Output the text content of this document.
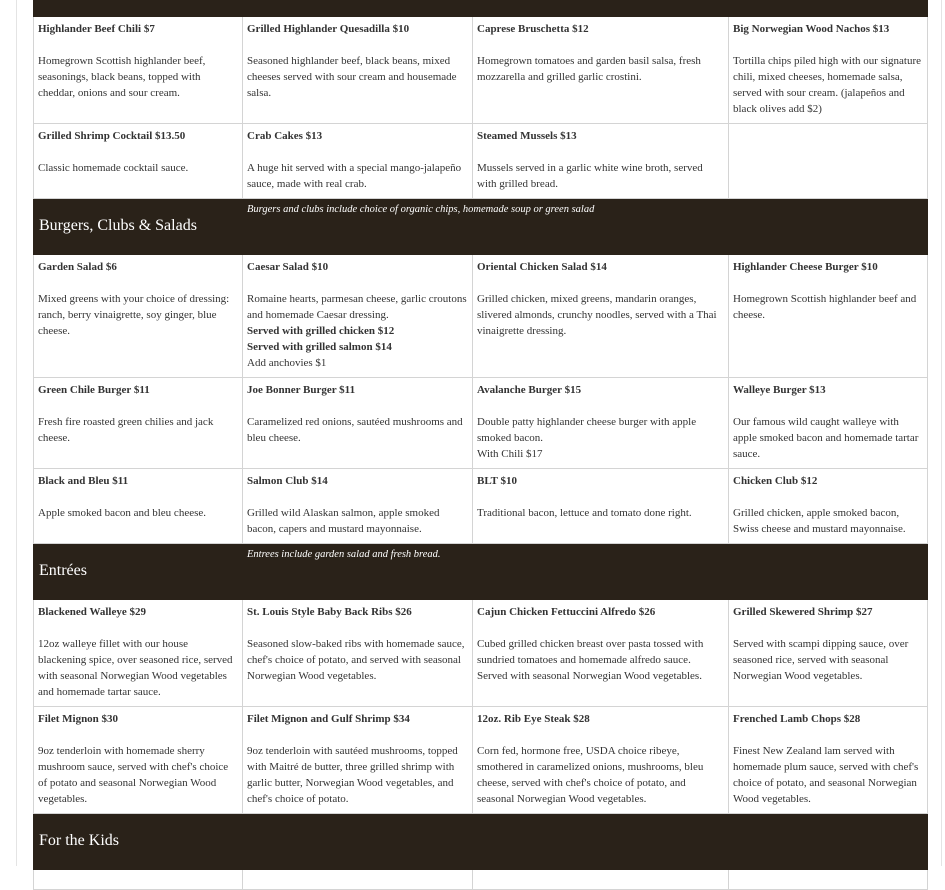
Highlander Beef Chili $7
Homegrown Scottish highlander beef, seasonings, black beans, topped with cheddar, onions and sour cream.	Grilled Highlander Quesadilla $10
Seasoned highlander beef, black beans, mixed cheeses served with sour cream and housemade salsa.	Caprese Bruschetta $12
Homegrown tomatoes and garden basil salsa, fresh mozzarella and grilled garlic crostini.	Big Norwegian Wood Nachos $13
Tortilla chips piled high with our signature chili, mixed cheeses, homemade salsa, served with sour cream. (jalapeños and black olives add $2)

Grilled Shrimp Cocktail $13.50
Classic homemade cocktail sauce.	Crab Cakes $13
A huge hit served with a special mango-jalapeño sauce, made with real crab.	Steamed Mussels $13
Mussels served in a garlic white wine broth, served with grilled bread.	

Burgers, Clubs & Salads	Burgers and clubs include choice of organic chips, homemade soup or green salad		

Garden Salad $6
Mixed greens with your choice of dressing: ranch, berry vinaigrette, soy ginger, blue cheese.	Caesar Salad $10
Romaine hearts, parmesan cheese, garlic croutons and homemade Caesar dressing.
Served with grilled chicken $12
Served with grilled salmon $14
Add anchovies $1	Oriental Chicken Salad $14
Grilled chicken, mixed greens, mandarin oranges, slivered almonds, crunchy noodles, served with a Thai vinaigrette dressing.	Highlander Cheese Burger $10
Homegrown Scottish highlander beef and cheese.

Green Chile Burger $11
Fresh fire roasted green chilies and jack cheese.	Joe Bonner Burger $11
Caramelized red onions, sautéed mushrooms and bleu cheese.	Avalanche Burger $15
Double patty highlander cheese burger with apple smoked bacon.
With Chili $17	Walleye Burger $13
Our famous wild caught walleye with apple smoked bacon and homemade tartar sauce.

Black and Bleu $11
Apple smoked bacon and bleu cheese.	Salmon Club $14
Grilled wild Alaskan salmon, apple smoked bacon, capers and mustard mayonnaise.	BLT $10
Traditional bacon, lettuce and tomato done right.	Chicken Club $12
Grilled chicken, apple smoked bacon, Swiss cheese and mustard mayonnaise.

Entrées	Entrees include garden salad and fresh bread.		

Blackened Walleye $29
12oz walleye fillet with our house blackening spice, over seasoned rice, served with seasonal Norwegian Wood vegetables and homemade tartar sauce.	St. Louis Style Baby Back Ribs $26
Seasoned slow-baked ribs with homemade sauce, chef's choice of potato, and served with seasonal Norwegian Wood vegetables.	Cajun Chicken Fettuccini Alfredo $26
Cubed grilled chicken breast over pasta tossed with sundried tomatoes and homemade alfredo sauce. Served with seasonal Norwegian Wood vegetables.	Grilled Skewered Shrimp $27
Served with scampi dipping sauce, over seasoned rice, served with seasonal Norwegian Wood vegetables.

Filet Mignon $30
9oz tenderloin with homemade sherry mushroom sauce, served with chef's choice of potato and seasonal Norwegian Wood vegetables.	Filet Mignon and Gulf Shrimp $34
9oz tenderloin with sautéed mushrooms, topped with Maitré de butter, three grilled shrimp with garlic butter, Norwegian Wood vegetables, and chef's choice of potato.	12oz. Rib Eye Steak $28
Corn fed, hormone free, USDA choice ribeye, smothered in caramelized onions, mushrooms, bleu cheese, served with chef's choice of potato, and seasonal Norwegian Wood vegetables.	Frenched Lamb Chops $28
Finest New Zealand lam served with homemade plum sauce, served with chef's choice of potato, and seasonal Norwegian Wood vegetables.

For the Kids			
